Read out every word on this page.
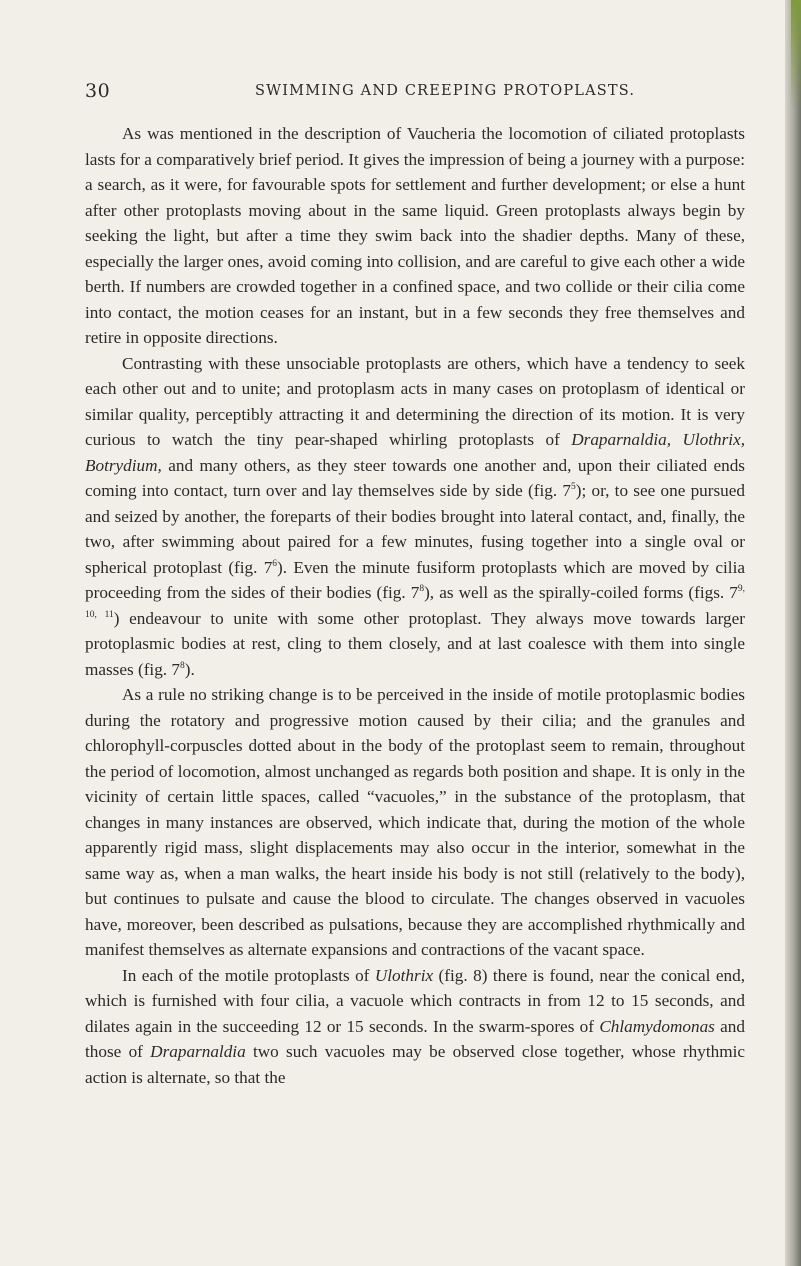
30	SWIMMING AND CREEPING PROTOPLASTS.

As was mentioned in the description of Vaucheria the locomotion of ciliated protoplasts lasts for a comparatively brief period. It gives the impression of being a journey with a purpose: a search, as it were, for favourable spots for settlement and further development; or else a hunt after other protoplasts moving about in the same liquid. Green protoplasts always begin by seeking the light, but after a time they swim back into the shadier depths. Many of these, especially the larger ones, avoid coming into collision, and are careful to give each other a wide berth. If numbers are crowded together in a confined space, and two collide or their cilia come into contact, the motion ceases for an instant, but in a few seconds they free themselves and retire in opposite directions.

Contrasting with these unsociable protoplasts are others, which have a tendency to seek each other out and to unite; and protoplasm acts in many cases on protoplasm of identical or similar quality, perceptibly attracting it and determining the direction of its motion. It is very curious to watch the tiny pear-shaped whirling protoplasts of Draparnaldia, Ulothrix, Botrydium, and many others, as they steer towards one another and, upon their ciliated ends coming into contact, turn over and lay themselves side by side (fig. $7^5$); or, to see one pursued and seized by another, the foreparts of their bodies brought into lateral contact, and, finally, the two, after swimming about paired for a few minutes, fusing together into a single oval or spherical protoplast (fig. $7^6$). Even the minute fusiform protoplasts which are moved by cilia proceeding from the sides of their bodies (fig. $7^8$), as well as the spirally-coiled forms (figs. 7$^{9, 10, 11}$) endeavour to unite with some other protoplast. They always move towards larger protoplasmic bodies at rest, cling to them closely, and at last coalesce with them into single masses (fig. $7^8$).

As a rule no striking change is to be perceived in the inside of motile protoplasmic bodies during the rotatory and progressive motion caused by their cilia; and the granules and chlorophyll-corpuscles dotted about in the body of the protoplast seem to remain, throughout the period of locomotion, almost unchanged as regards both position and shape. It is only in the vicinity of certain little spaces, called “vacuoles,” in the substance of the protoplasm, that changes in many instances are observed, which indicate that, during the motion of the whole apparently rigid mass, slight displacements may also occur in the interior, somewhat in the same way as, when a man walks, the heart inside his body is not still (relatively to the body), but continues to pulsate and cause the blood to circulate. The changes observed in vacuoles have, moreover, been described as pulsations, because they are accomplished rhythmically and manifest themselves as alternate expansions and contractions of the vacant space.

In each of the motile protoplasts of Ulothrix (fig. 8) there is found, near the conical end, which is furnished with four cilia, a vacuole which contracts in from 12 to 15 seconds, and dilates again in the succeeding 12 or 15 seconds. In the swarm-spores of Chlamydomonas and those of Draparnaldia two such vacuoles may be observed close together, whose rhythmic action is alternate, so that the
